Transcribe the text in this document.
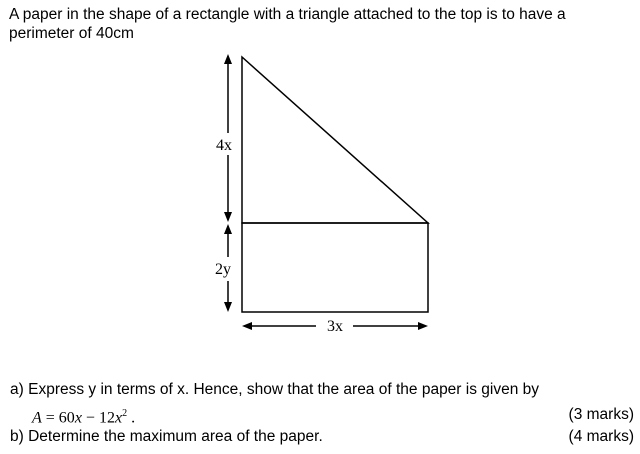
A paper in the shape of a rectangle with a triangle attached to the top is to have a perimeter of 40cm
4x
2y
3x
a) Express y in terms of x. Hence, show that the area of the paper is given by
$A = 60x - 12x^2$ .	(3 marks)
b) Determine the maximum area of the paper.	(4 marks)
